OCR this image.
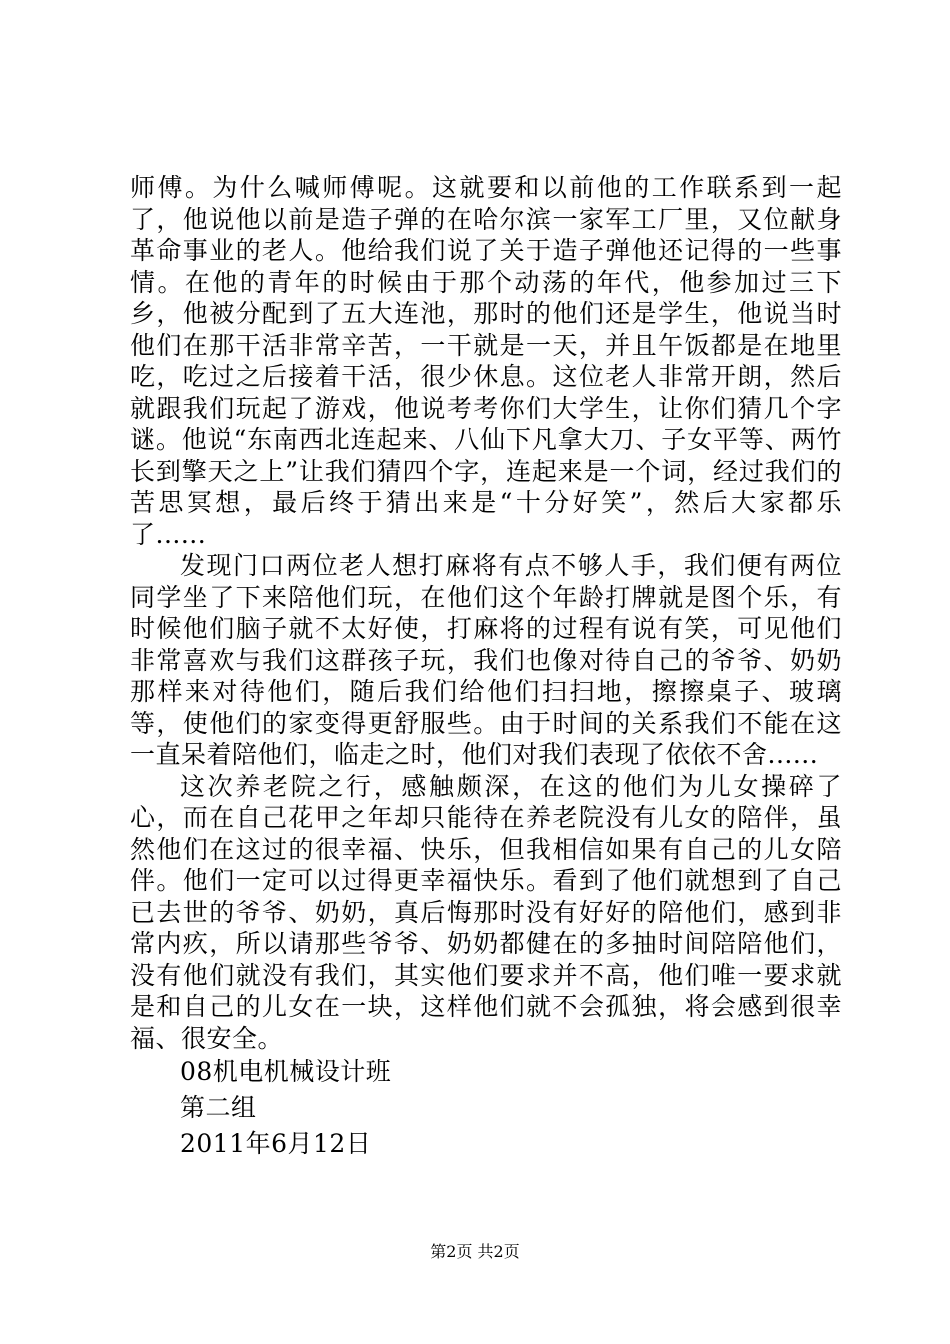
师傅。为什么喊师傅呢。这就要和以前他的工作联系到一起了，他说他以前是造子弹的在哈尔滨一家军工厂里，又位献身革命事业的老人。他给我们说了关于造子弹他还记得的一些事情。在他的青年的时候由于那个动荡的年代，他参加过三下乡，他被分配到了五大连池，那时的他们还是学生，他说当时他们在那干活非常辛苦，一干就是一天，并且午饭都是在地里吃，吃过之后接着干活，很少休息。这位老人非常开朗，然后就跟我们玩起了游戏，他说考考你们大学生，让你们猜几个字谜。他说“东南西北连起来、八仙下凡拿大刀、子女平等、两竹长到擎天之上”让我们猜四个字，连起来是一个词，经过我们的苦思冥想，最后终于猜出来是“十分好笑”，然后大家都乐了......

发现门口两位老人想打麻将有点不够人手，我们便有两位同学坐了下来陪他们玩，在他们这个年龄打牌就是图个乐，有时候他们脑子就不太好使，打麻将的过程有说有笑，可见他们非常喜欢与我们这群孩子玩，我们也像对待自己的爷爷、奶奶那样来对待他们，随后我们给他们扫扫地，擦擦桌子、玻璃等，使他们的家变得更舒服些。由于时间的关系我们不能在这一直呆着陪他们，临走之时，他们对我们表现了依依不舍......

这次养老院之行，感触颇深，在这的他们为儿女操碎了心，而在自己花甲之年却只能待在养老院没有儿女的陪伴，虽然他们在这过的很幸福、快乐，但我相信如果有自己的儿女陪伴。他们一定可以过得更幸福快乐。看到了他们就想到了自己已去世的爷爷、奶奶，真后悔那时没有好好的陪他们，感到非常内疚，所以请那些爷爷、奶奶都健在的多抽时间陪陪他们，没有他们就没有我们，其实他们要求并不高，他们唯一要求就是和自己的儿女在一块，这样他们就不会孤独，将会感到很幸福、很安全。

08机电机械设计班

第二组

2011年6月12日

第2页 共2页
